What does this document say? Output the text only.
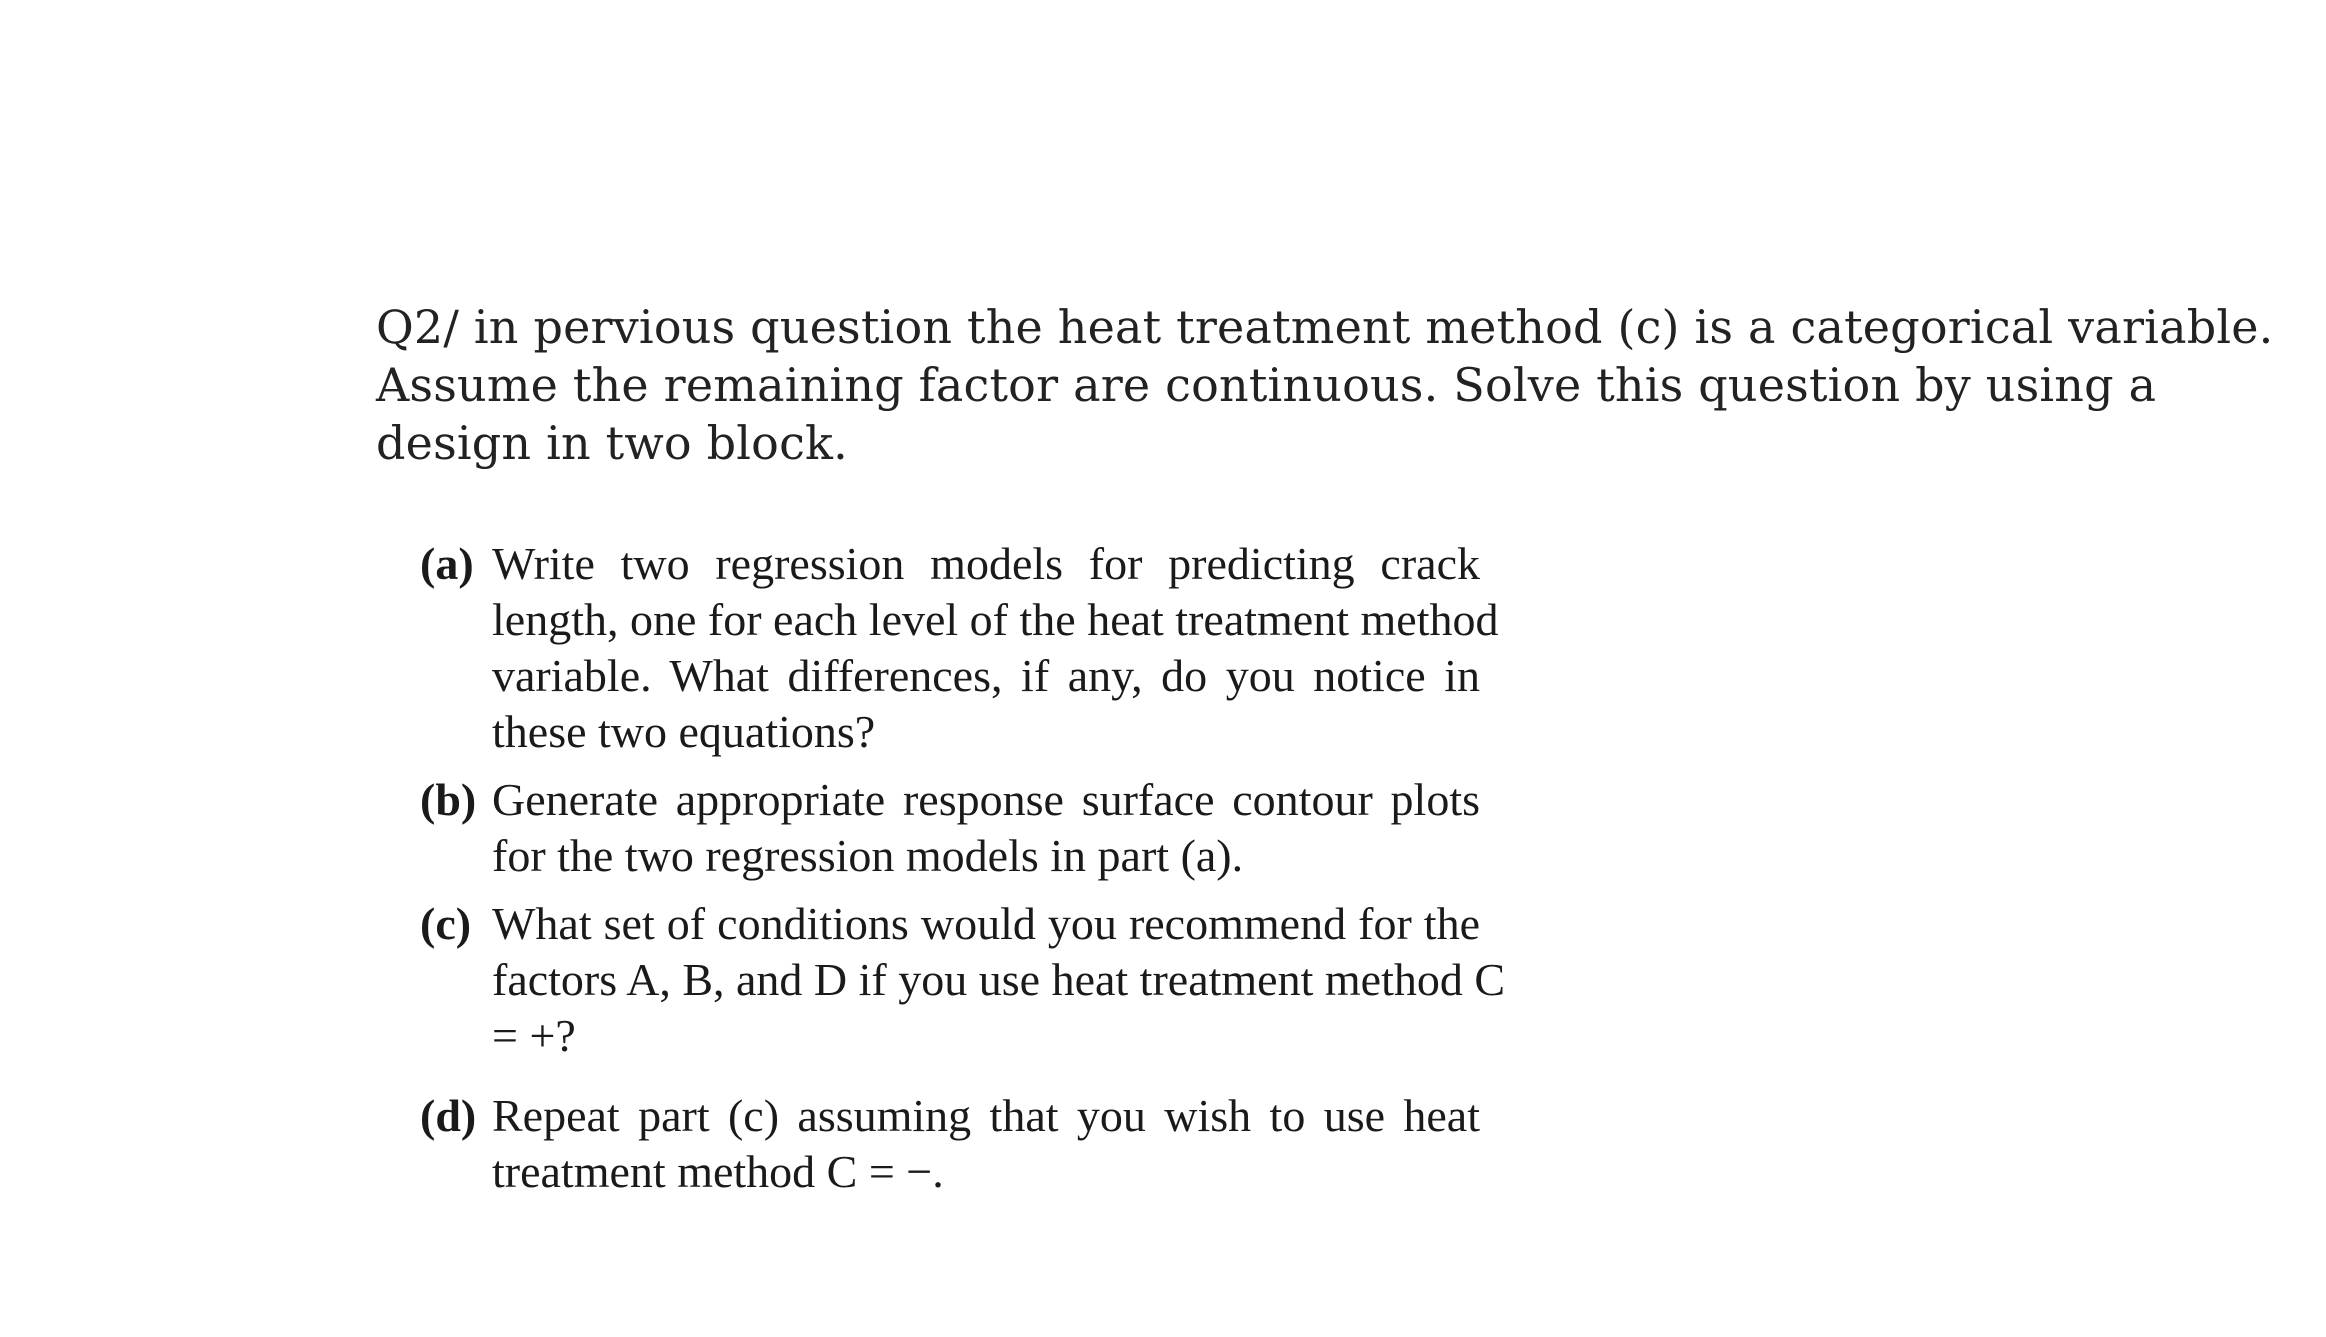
Q2/ in pervious question the heat treatment method (c) is a categorical variable.
Assume the remaining factor are continuous. Solve this question by using a
design in two block.
(a) Write two regression models for predicting crack
length, one for each level of the heat treatment method
variable. What differences, if any, do you notice in
these two equations?
(b) Generate appropriate response surface contour plots
for the two regression models in part (a).
(c) What set of conditions would you recommend for the
factors A, B, and D if you use heat treatment method C
= +?
(d) Repeat part (c) assuming that you wish to use heat
treatment method C = −.
